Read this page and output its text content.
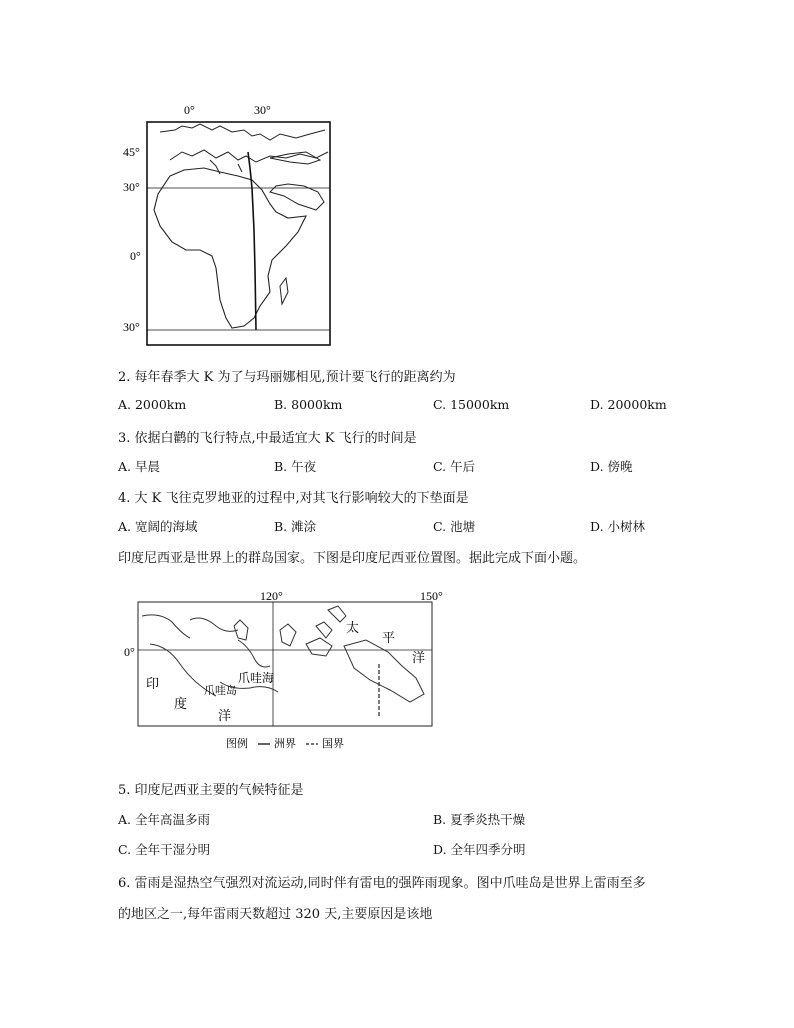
0°	30°
45°
30°
0°
30°
2. 每年春季大 K 为了与玛丽娜相见,预计要飞行的距离约为
A. 2000km	B. 8000km	C. 15000km	D. 20000km
3. 依据白鹳的飞行特点,中最适宜大 K 飞行的时间是
A. 早晨	B. 午夜	C. 午后	D. 傍晚
4. 大 K 飞往克罗地亚的过程中,对其飞行影响较大的下垫面是
A. 宽阔的海域	B. 滩涂	C. 池塘	D. 小树林
印度尼西亚是世界上的群岛国家。下图是印度尼西亚位置图。据此完成下面小题。
120°	150°
0°
太
平
洋
印
度
洋
爪哇海
爪哇岛
图例 洲界 国界
5. 印度尼西亚主要的气候特征是
A. 全年高温多雨	B. 夏季炎热干燥
C. 全年干湿分明	D. 全年四季分明
6. 雷雨是湿热空气强烈对流运动,同时伴有雷电的强阵雨现象。图中爪哇岛是世界上雷雨至多
的地区之一,每年雷雨天数超过 320 天,主要原因是该地
